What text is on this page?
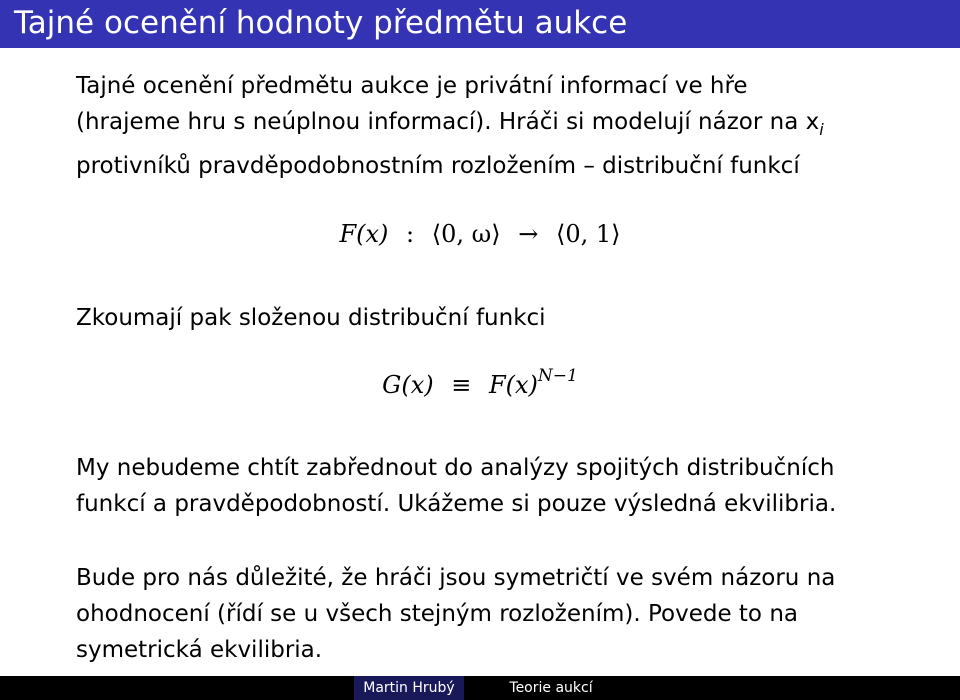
Tajné ocenění hodnoty předmětu aukce

Tajné ocenění předmětu aukce je privátní informací ve hře
(hrajeme hru s neúplnou informací). Hráči si modelují názor na $x_i$
protivníků pravděpodobnostním rozložením – distribuční funkcí

F(x) : ⟨0, ω⟩ → ⟨0, 1⟩

Zkoumají pak složenou distribuční funkci

$G(x) \equiv F(x)^{N-1}$

My nebudeme chtít zabřednout do analýzy spojitých distribučních
funkcí a pravděpodobností. Ukážeme si pouze výsledná ekvilibria.

Bude pro nás důležité, že hráči jsou symetričtí ve svém názoru na
ohodnocení (řídí se u všech stejným rozložením). Povede to na
symetrická ekvilibria.

Martin Hrubý	Teorie aukcí
